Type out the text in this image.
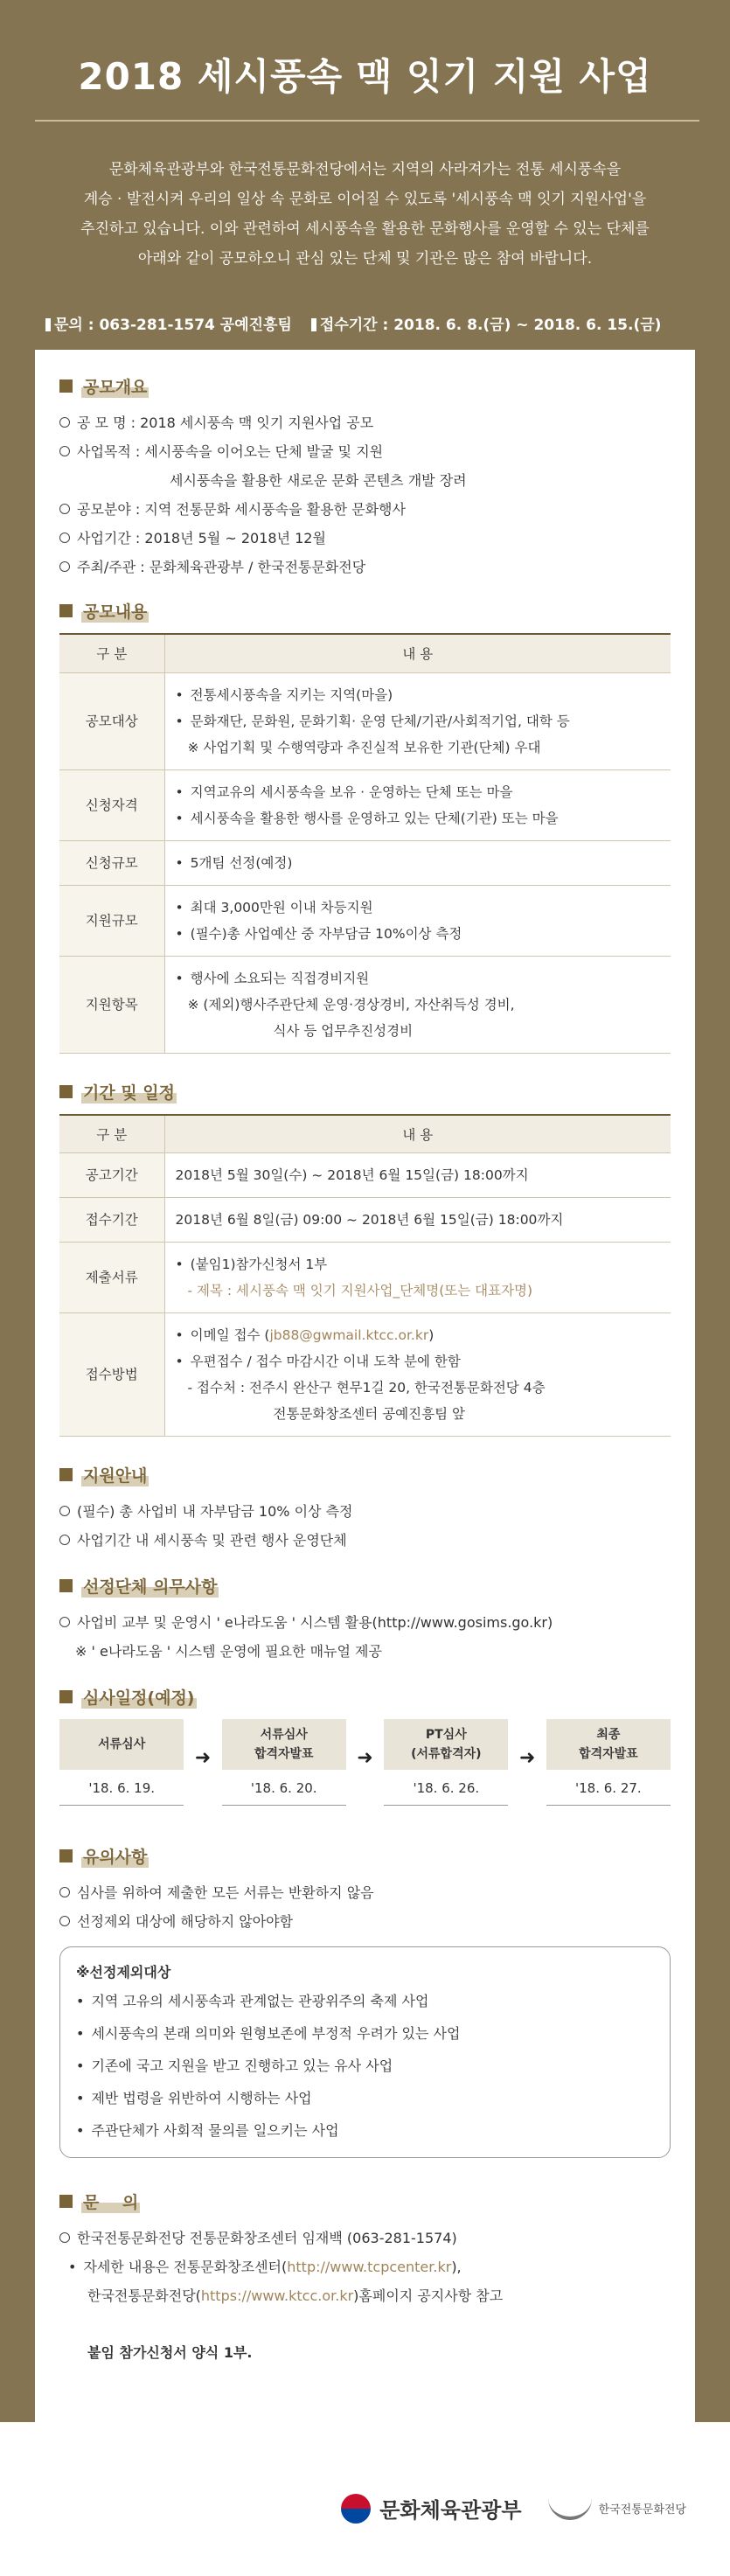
2018 세시풍속 맥 잇기 지원 사업
문화체육관광부와 한국전통문화전당에서는 지역의 사라져가는 전통 세시풍속을
계승 · 발전시켜 우리의 일상 속 문화로 이어질 수 있도록 '세시풍속 맥 잇기 지원사업'을
추진하고 있습니다. 이와 관련하여 세시풍속을 활용한 문화행사를 운영할 수 있는 단체를
아래와 같이 공모하오니 관심 있는 단체 및 기관은 많은 참여 바랍니다.
문의 : 063-281-1574 공예진흥팀 접수기간 : 2018. 6. 8.(금) ~ 2018. 6. 15.(금)
공모개요
공 모 명 : 2018 세시풍속 맥 잇기 지원사업 공모
사업목적 : 세시풍속을 이어오는 단체 발굴 및 지원
세시풍속을 활용한 새로운 문화 콘텐츠 개발 장려
공모분야 : 지역 전통문화 세시풍속을 활용한 문화행사
사업기간 : 2018년 5월 ~ 2018년 12월
주최/주관 : 문화체육관광부 / 한국전통문화전당
공모내용
구 분	내 용
공모대상	• 전통세시풍속을 지키는 지역(마을)
• 문화재단, 문화원, 문화기획· 운영 단체/기관/사회적기업, 대학 등
※ 사업기획 및 수행역량과 추진실적 보유한 기관(단체) 우대

신청자격	• 지역교유의 세시풍속을 보유 · 운영하는 단체 또는 마을
• 세시풍속을 활용한 행사를 운영하고 있는 단체(기관) 또는 마을

신청규모	• 5개팀 선정(예정)

지원규모	• 최대 3,000만원 이내 차등지원
• (필수)총 사업예산 중 자부담금 10%이상 측정

지원항목	• 행사에 소요되는 직접경비지원
※ (제외)행사주관단체 운영·경상경비, 자산취득성 경비,
식사 등 업무추진성경비
기간 및 일정
구 분	내 용
공고기간	2018년 5월 30일(수) ~ 2018년 6월 15일(금) 18:00까지
접수기간	2018년 6월 8일(금) 09:00 ~ 2018년 6월 15일(금) 18:00까지
제출서류	• (붙임1)참가신청서 1부
- 제목 : 세시풍속 맥 잇기 지원사업_단체명(또는 대표자명)

접수방법	• 이메일 접수 (jb88@gwmail.ktcc.or.kr)
• 우편접수 / 접수 마감시간 이내 도착 분에 한함
- 접수처 : 전주시 완산구 현무1길 20, 한국전통문화전당 4층
전통문화창조센터 공예진흥팀 앞
지원안내
(필수) 총 사업비 내 자부담금 10% 이상 측정
사업기간 내 세시풍속 및 관련 행사 운영단체
선정단체 의무사항
사업비 교부 및 운영시 ' e나라도움 ' 시스템 활용(http://www.gosims.go.kr)
※ ' e나라도움 ' 시스템 운영에 필요한 매뉴얼 제공
심사일정(예정)
서류심사
'18. 6. 19.
➜
서류심사
합격자발표
'18. 6. 20.
➜
PT심사
(서류합격자)
'18. 6. 26.
➜
최종
합격자발표
'18. 6. 27.
유의사항
심사를 위하여 제출한 모든 서류는 반환하지 않음
선정제외 대상에 해당하지 않아야함
※선정제외대상
• 지역 고유의 세시풍속과 관계없는 관광위주의 축제 사업
• 세시풍속의 본래 의미와 원형보존에 부정적 우려가 있는 사업
• 기존에 국고 지원을 받고 진행하고 있는 유사 사업
• 제반 법령을 위반하여 시행하는 사업
• 주관단체가 사회적 물의를 일으키는 사업
문    의
한국전통문화전당 전통문화창조센터 임재백 (063-281-1574)
• 자세한 내용은 전통문화창조센터(http://www.tcpcenter.kr),
한국전통문화전당(https://www.ktcc.or.kr)홈페이지 공지사항 참고
붙임 참가신청서 양식 1부.
문화체육관광부	한국전통문화전당
